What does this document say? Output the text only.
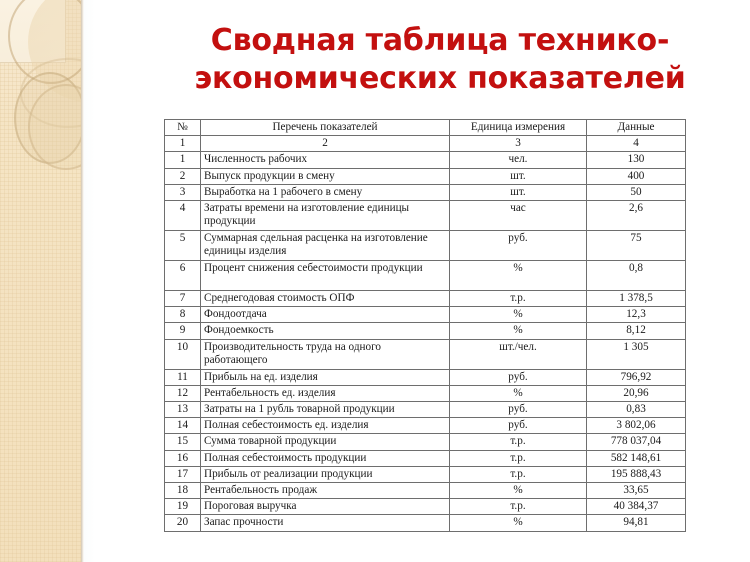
Сводная таблица технико-
экономических показателей
№	Перечень показателей	Единица измерения	Данные
1	2	3	4
1	Численность рабочих	чел.	130
2	Выпуск продукции в смену	шт.	400
3	Выработка на 1 рабочего в смену	шт.	50
4	Затраты времени на изготовление единицы продукции	час	2,6
5	Суммарная сдельная расценка на изготовление единицы изделия	руб.	75
6	Процент снижения себестоимости продукции	%	0,8
7	Среднегодовая стоимость ОПФ	т.р.	1 378,5
8	Фондоотдача	%	12,3
9	Фондоемкость	%	8,12
10	Производительность труда на одного работающего	шт./чел.	1 305
11	Прибыль на ед. изделия	руб.	796,92
12	Рентабельность ед. изделия	%	20,96
13	Затраты на 1 рубль товарной продукции	руб.	0,83
14	Полная себестоимость ед. изделия	руб.	3 802,06
15	Сумма товарной продукции	т.р.	778 037,04
16	Полная себестоимость продукции	т.р.	582 148,61
17	Прибыль от реализации продукции	т.р.	195 888,43
18	Рентабельность продаж	%	33,65
19	Пороговая выручка	т.р.	40 384,37
20	Запас прочности	%	94,81
